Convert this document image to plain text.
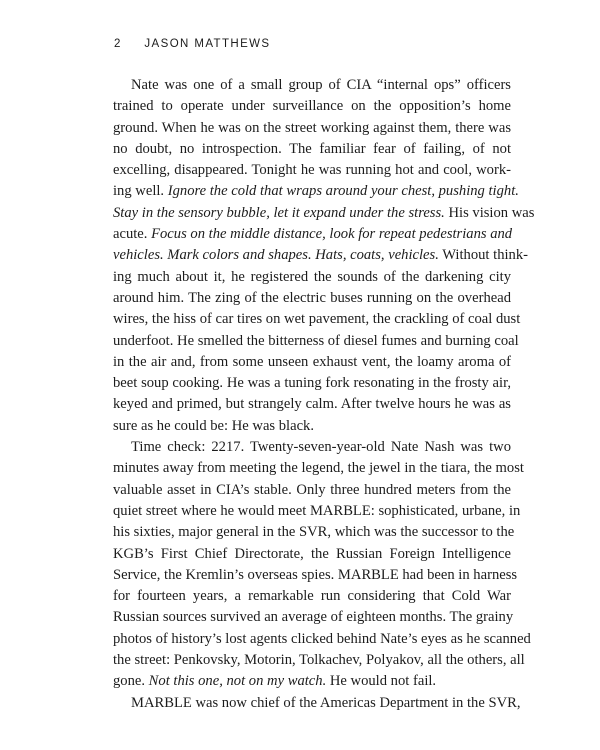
2 JASON MATTHEWS
Nate was one of a small group of CIA “internal ops” officers
trained to operate under surveillance on the opposition’s home
ground. When he was on the street working against them, there was
no doubt, no introspection. The familiar fear of failing, of not
excelling, disappeared. Tonight he was running hot and cool, work-
ing well. Ignore the cold that wraps around your chest, pushing tight.
Stay in the sensory bubble, let it expand under the stress. His vision was
acute. Focus on the middle distance, look for repeat pedestrians and
vehicles. Mark colors and shapes. Hats, coats, vehicles. Without think-
ing much about it, he registered the sounds of the darkening city
around him. The zing of the electric buses running on the overhead
wires, the hiss of car tires on wet pavement, the crackling of coal dust
underfoot. He smelled the bitterness of diesel fumes and burning coal
in the air and, from some unseen exhaust vent, the loamy aroma of
beet soup cooking. He was a tuning fork resonating in the frosty air,
keyed and primed, but strangely calm. After twelve hours he was as
sure as he could be: He was black.
Time check: 2217. Twenty-seven-year-old Nate Nash was two
minutes away from meeting the legend, the jewel in the tiara, the most
valuable asset in CIA’s stable. Only three hundred meters from the
quiet street where he would meet MARBLE: sophisticated, urbane, in
his sixties, major general in the SVR, which was the successor to the
KGB’s First Chief Directorate, the Russian Foreign Intelligence
Service, the Kremlin’s overseas spies. MARBLE had been in harness
for fourteen years, a remarkable run considering that Cold War
Russian sources survived an average of eighteen months. The grainy
photos of history’s lost agents clicked behind Nate’s eyes as he scanned
the street: Penkovsky, Motorin, Tolkachev, Polyakov, all the others, all
gone. Not this one, not on my watch. He would not fail.
MARBLE was now chief of the Americas Department in the SVR,
